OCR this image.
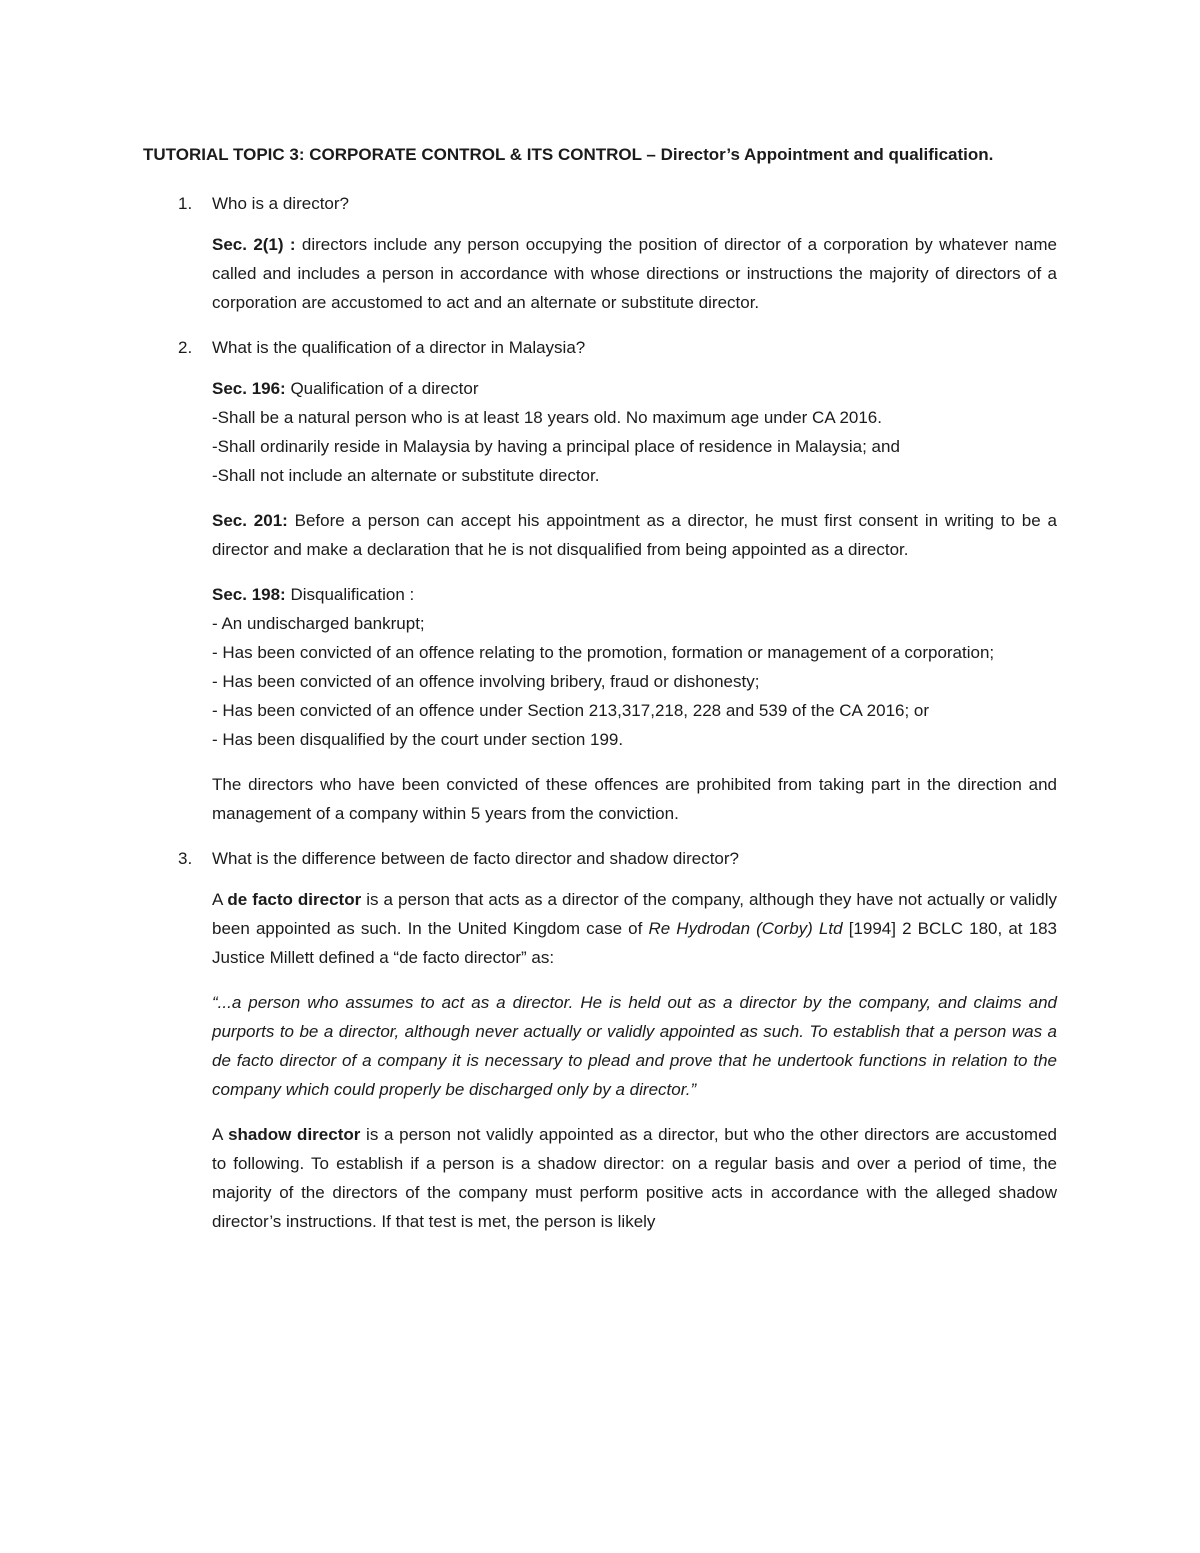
TUTORIAL TOPIC 3: CORPORATE CONTROL & ITS CONTROL – Director’s Appointment and qualification.

1.	Who is a director?

Sec. 2(1) : directors include any person occupying the position of director of a corporation by whatever name called and includes a person in accordance with whose directions or instructions the majority of directors of a corporation are accustomed to act and an alternate or substitute director.

2.	What is the qualification of a director in Malaysia?

Sec. 196: Qualification of a director
-Shall be a natural person who is at least 18 years old. No maximum age under CA 2016.
-Shall ordinarily reside in Malaysia by having a principal place of residence in Malaysia; and
-Shall not include an alternate or substitute director.

Sec. 201: Before a person can accept his appointment as a director, he must first consent in writing to be a director and make a declaration that he is not disqualified from being appointed as a director.

Sec. 198: Disqualification :
- An undischarged bankrupt;
- Has been convicted of an offence relating to the promotion, formation or management of a corporation;
- Has been convicted of an offence involving bribery, fraud or dishonesty;
- Has been convicted of an offence under Section 213,317,218, 228 and 539 of the CA 2016; or
- Has been disqualified by the court under section 199.

The directors who have been convicted of these offences are prohibited from taking part in the direction and management of a company within 5 years from the conviction.

3.	What is the difference between de facto director and shadow director?

A de facto director is a person that acts as a director of the company, although they have not actually or validly been appointed as such. In the United Kingdom case of Re Hydrodan (Corby) Ltd [1994] 2 BCLC 180, at 183 Justice Millett defined a “de facto director” as:

“...a person who assumes to act as a director. He is held out as a director by the company, and claims and purports to be a director, although never actually or validly appointed as such. To establish that a person was a de facto director of a company it is necessary to plead and prove that he undertook functions in relation to the company which could properly be discharged only by a director.”

A shadow director is a person not validly appointed as a director, but who the other directors are accustomed to following. To establish if a person is a shadow director: on a regular basis and over a period of time, the majority of the directors of the company must perform positive acts in accordance with the alleged shadow director’s instructions. If that test is met, the person is likely
